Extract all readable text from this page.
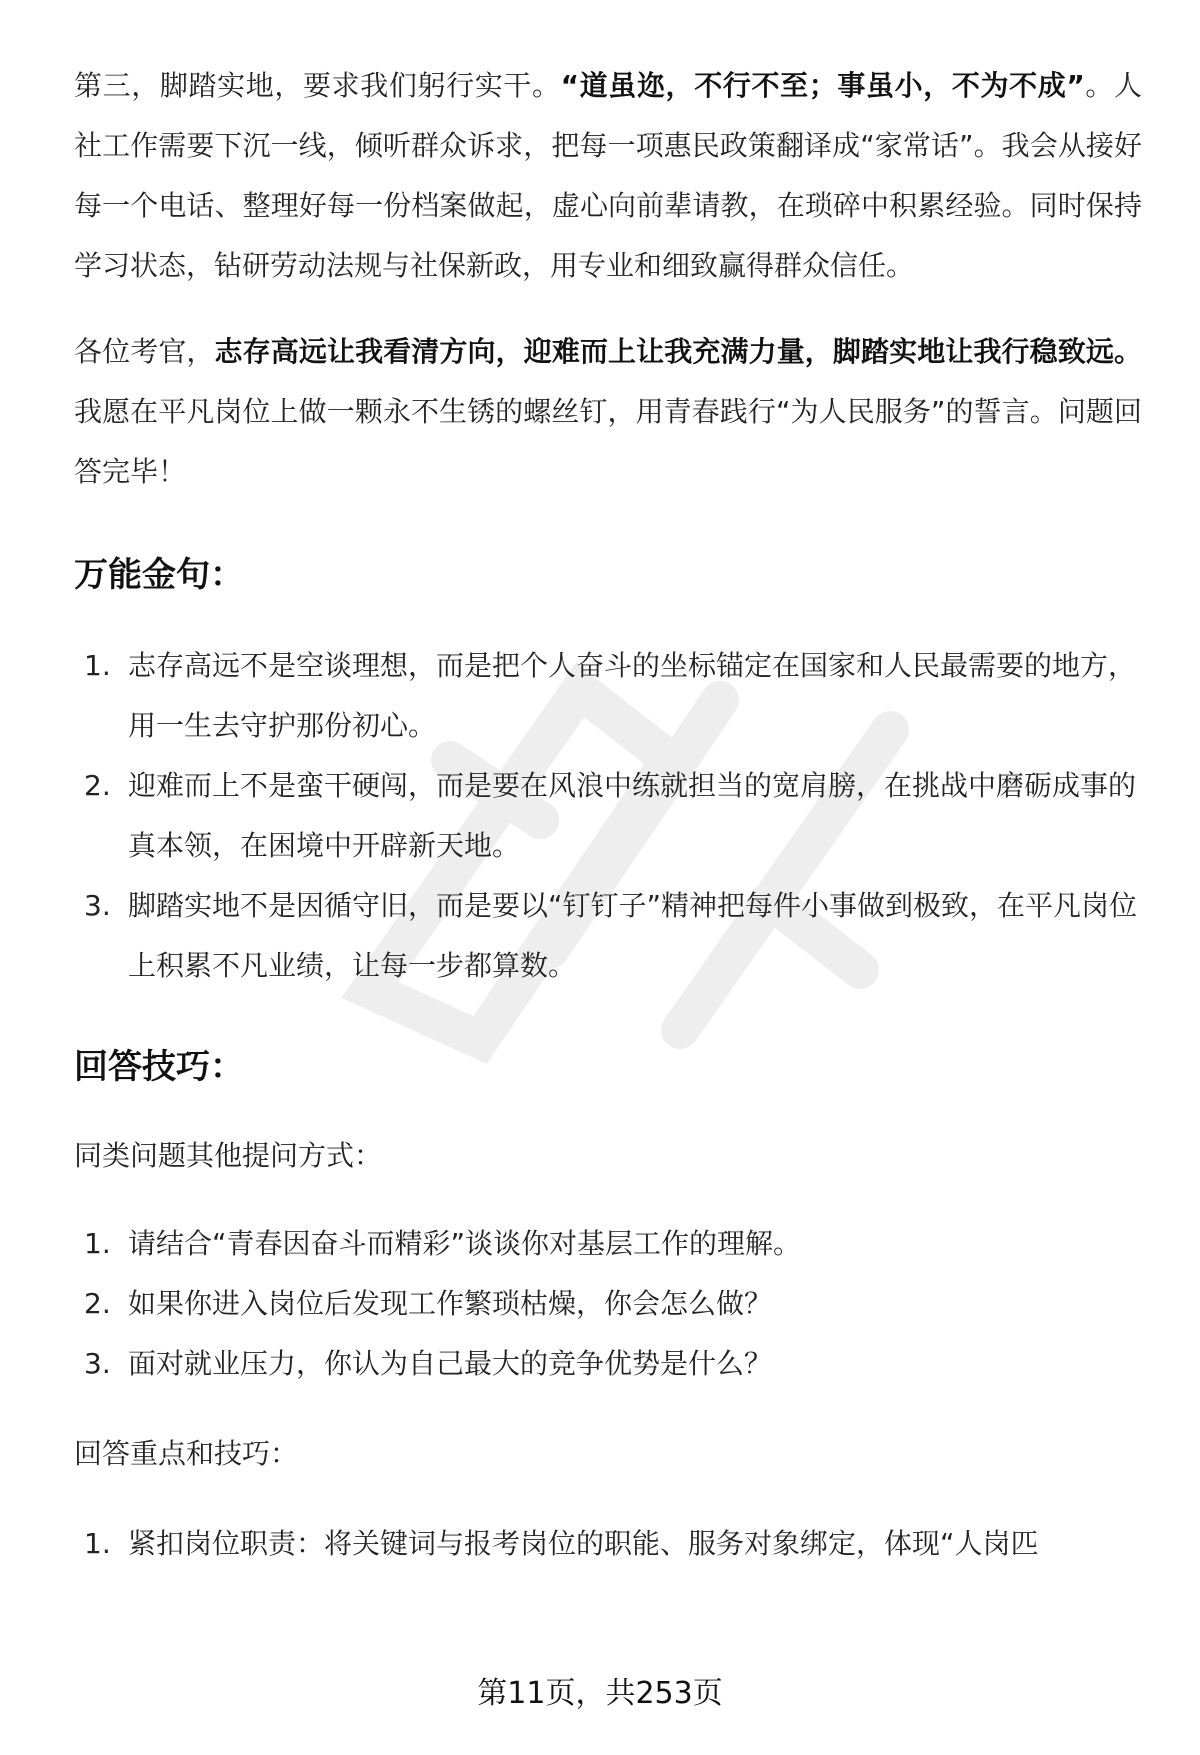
第三，脚踏实地，要求我们躬行实干。“道虽迩，不行不至；事虽小，不为不成”。人社工作需要下沉一线，倾听群众诉求，把每一项惠民政策翻译成“家常话”。我会从接好每一个电话、整理好每一份档案做起，虚心向前辈请教，在琐碎中积累经验。同时保持学习状态，钻研劳动法规与社保新政，用专业和细致赢得群众信任。

各位考官，志存高远让我看清方向，迎难而上让我充满力量，脚踏实地让我行稳致远。我愿在平凡岗位上做一颗永不生锈的螺丝钉，用青春践行“为人民服务”的誓言。问题回答完毕！

万能金句：
1. 志存高远不是空谈理想，而是把个人奋斗的坐标锚定在国家和人民最需要的地方，用一生去守护那份初心。
2. 迎难而上不是蛮干硬闯，而是要在风浪中练就担当的宽肩膀，在挑战中磨砺成事的真本领，在困境中开辟新天地。
3. 脚踏实地不是因循守旧，而是要以“钉钉子”精神把每件小事做到极致，在平凡岗位上积累不凡业绩，让每一步都算数。
回答技巧：

同类问题其他提问方式：

1. 请结合“青春因奋斗而精彩”谈谈你对基层工作的理解。
2. 如果你进入岗位后发现工作繁琐枯燥，你会怎么做？
3. 面对就业压力，你认为自己最大的竞争优势是什么？

回答重点和技巧：

1. 紧扣岗位职责：将关键词与报考岗位的职能、服务对象绑定，体现“人岗匹
第11页，共253页
